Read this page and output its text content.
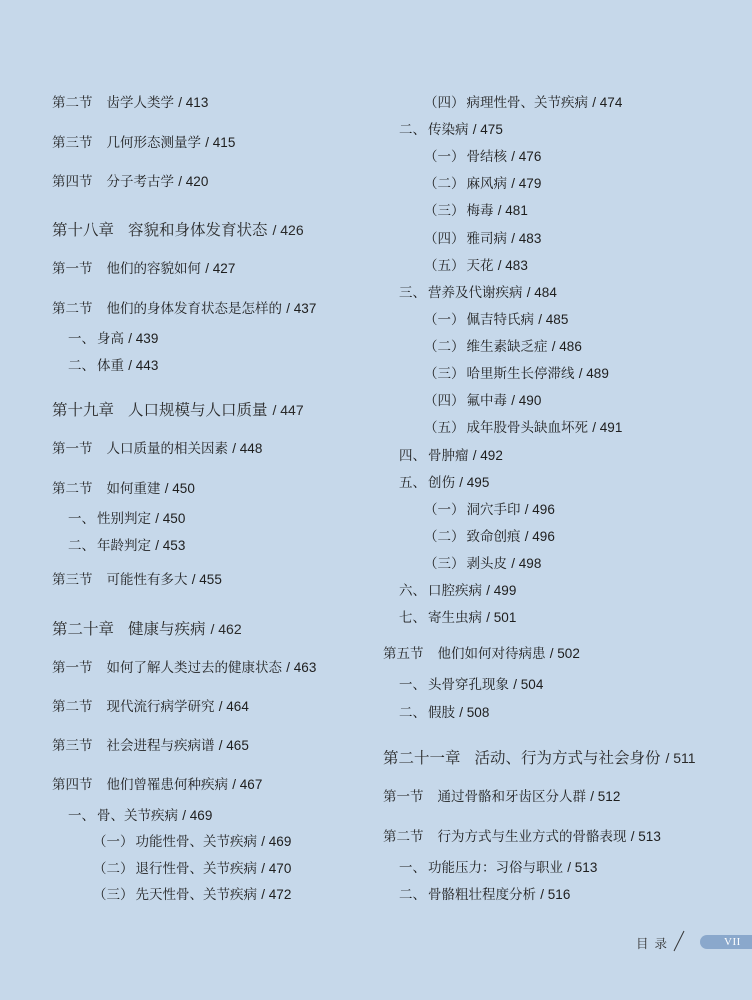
第二节 齿学人类学 / 413
第三节 几何形态测量学 / 415
第四节 分子考古学 / 420
第十八章 容貌和身体发育状态 / 426
第一节 他们的容貌如何 / 427
第二节 他们的身体发育状态是怎样的 / 437
一、 身高 / 439
二、 体重 / 443
第十九章 人口规模与人口质量 / 447
第一节 人口质量的相关因素 / 448
第二节 如何重建 / 450
一、 性别判定 / 450
二、 年龄判定 / 453
第三节 可能性有多大 / 455
第二十章 健康与疾病 / 462
第一节 如何了解人类过去的健康状态 / 463
第二节 现代流行病学研究 / 464
第三节 社会进程与疾病谱 / 465
第四节 他们曾罹患何种疾病 / 467
一、 骨、关节疾病 / 469
（一） 功能性骨、关节疾病 / 469
（二） 退行性骨、关节疾病 / 470
（三） 先天性骨、关节疾病 / 472
（四） 病理性骨、关节疾病 / 474
二、 传染病 / 475
（一） 骨结核 / 476
（二） 麻风病 / 479
（三） 梅毒 / 481
（四） 雅司病 / 483
（五） 天花 / 483
三、 营养及代谢疾病 / 484
（一） 佩吉特氏病 / 485
（二） 维生素缺乏症 / 486
（三） 哈里斯生长停滞线 / 489
（四） 氟中毒 / 490
（五） 成年股骨头缺血坏死 / 491
四、 骨肿瘤 / 492
五、 创伤 / 495
（一） 洞穴手印 / 496
（二） 致命创痕 / 496
（三） 剥头皮 / 498
六、 口腔疾病 / 499
七、 寄生虫病 / 501
第五节 他们如何对待病患 / 502
一、 头骨穿孔现象 / 504
二、 假肢 / 508
第二十一章 活动、行为方式与社会身份 / 511
第一节 通过骨骼和牙齿区分人群 / 512
第二节 行为方式与生业方式的骨骼表现 / 513
一、 功能压力：习俗与职业 / 513
二、 骨骼粗壮程度分析 / 516
目录	VII
